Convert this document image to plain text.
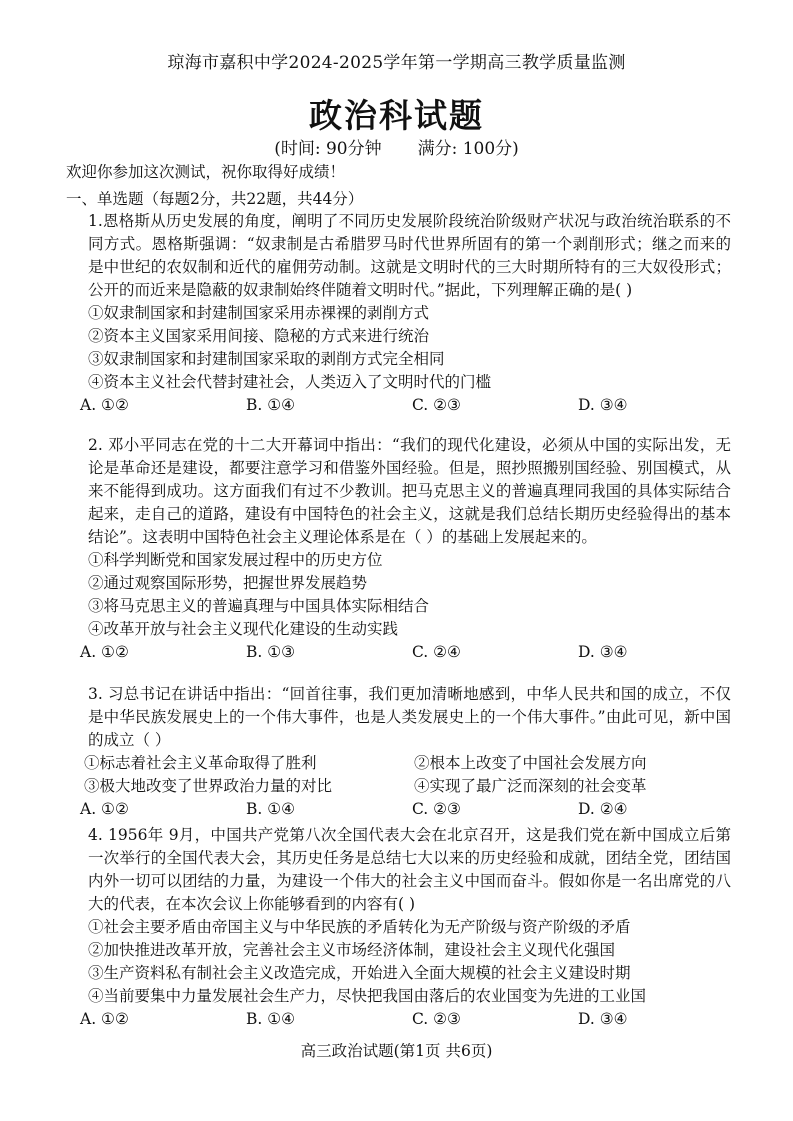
琼海市嘉积中学2024-2025学年第一学期高三教学质量监测
政治科试题
(时间: 90分钟 满分: 100分)
欢迎你参加这次测试，祝你取得好成绩！
一、单选题（每题2分，共22题，共44分）
1.恩格斯从历史发展的角度，阐明了不同历史发展阶段统治阶级财产状况与政治统治联系的不同方式。恩格斯强调：“奴隶制是古希腊罗马时代世界所固有的第一个剥削形式；继之而来的是中世纪的农奴制和近代的雇佣劳动制。这就是文明时代的三大时期所特有的三大奴役形式；公开的而近来是隐蔽的奴隶制始终伴随着文明时代。”据此，下列理解正确的是( )
①奴隶制国家和封建制国家采用赤裸裸的剥削方式
②资本主义国家采用间接、隐秘的方式来进行统治
③奴隶制国家和封建制国家采取的剥削方式完全相同
④资本主义社会代替封建社会，人类迈入了文明时代的门槛
A. ①②	B. ①④	C. ②③	D. ③④
2. 邓小平同志在党的十二大开幕词中指出：“我们的现代化建设，必须从中国的实际出发，无论是革命还是建设，都要注意学习和借鉴外国经验。但是，照抄照搬别国经验、别国模式，从来不能得到成功。这方面我们有过不少教训。把马克思主义的普遍真理同我国的具体实际结合起来，走自己的道路，建设有中国特色的社会主义，这就是我们总结长期历史经验得出的基本结论”。这表明中国特色社会主义理论体系是在（ ）的基础上发展起来的。
①科学判断党和国家发展过程中的历史方位
②通过观察国际形势，把握世界发展趋势
③将马克思主义的普遍真理与中国具体实际相结合
④改革开放与社会主义现代化建设的生动实践
A. ①②	B. ①③	C. ②④	D. ③④
3. 习总书记在讲话中指出：“回首往事，我们更加清晰地感到，中华人民共和国的成立，不仅是中华民族发展史上的一个伟大事件，也是人类发展史上的一个伟大事件。”由此可见，新中国的成立（ ）
①标志着社会主义革命取得了胜利	②根本上改变了中国社会发展方向
③极大地改变了世界政治力量的对比	④实现了最广泛而深刻的社会变革
A. ①②	B. ①④	C. ②③	D. ②④
4. 1956年 9月，中国共产党第八次全国代表大会在北京召开，这是我们党在新中国成立后第一次举行的全国代表大会，其历史任务是总结七大以来的历史经验和成就，团结全党，团结国内外一切可以团结的力量，为建设一个伟大的社会主义中国而奋斗。假如你是一名出席党的八大的代表，在本次会议上你能够看到的内容有( )
①社会主要矛盾由帝国主义与中华民族的矛盾转化为无产阶级与资产阶级的矛盾
②加快推进改革开放，完善社会主义市场经济体制，建设社会主义现代化强国
③生产资料私有制社会主义改造完成，开始进入全面大规模的社会主义建设时期
④当前要集中力量发展社会生产力，尽快把我国由落后的农业国变为先进的工业国
A. ①②	B. ①④	C. ②③	D. ③④
高三政治试题(第1页 共6页)
